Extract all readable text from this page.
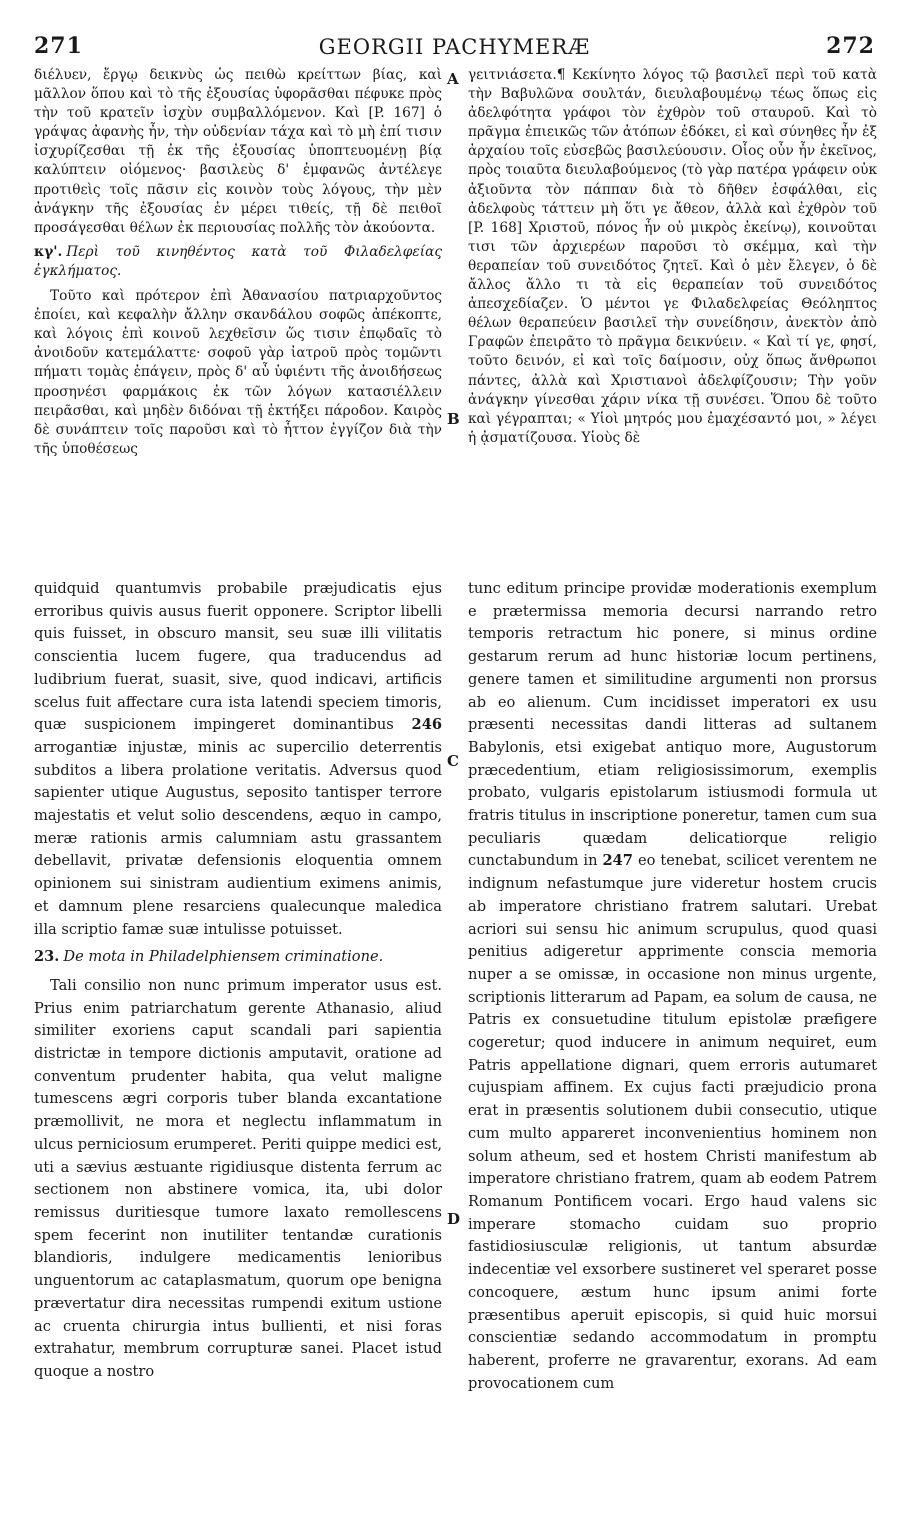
271	GEORGII PACHYMERÆ	272
A
B
C
D

διέλυεν, ἔργῳ δεικνὺς ὡς πειθὼ κρείττων βίας, καὶ μᾶλλον ὅπου καὶ τὸ τῆς ἐξουσίας ὑφορᾶσθαι πέφυκε πρὸς τὴν τοῦ κρατεῖν ἰσχὺν συμβαλλόμενον. Καὶ [P. 167] ὁ γράψας ἀφανὴς ἦν, τὴν οὐδενίαν τάχα καὶ τὸ μὴ ἐπί τισιν ἰσχυρίζεσθαι τῇ ἐκ τῆς ἐξουσίας ὑποπτευομένῃ βίᾳ καλύπτειν οἰόμενος· βασιλεὺς δ' ἐμφανῶς ἀντέλεγε προτιθεὶς τοῖς πᾶσιν εἰς κοινὸν τοὺς λόγους, τὴν μὲν ἀνάγκην τῆς ἐξουσίας ἐν μέρει τιθείς, τῇ δὲ πειθοῖ προσάγεσθαι θέλων ἐκ περιουσίας πολλῆς τὸν ἀκούοντα.

κγ'. Περὶ τοῦ κινηθέντος κατὰ τοῦ Φιλαδελφείας ἐγκλήματος.

Τοῦτο καὶ πρότερον ἐπὶ Ἀθανασίου πατριαρχοῦντος ἐποίει, καὶ κεφαλὴν ἄλλην σκανδάλου σοφῶς ἀπέκοπτε, καὶ λόγοις ἐπὶ κοινοῦ λεχθεῖσιν ὥς τισιν ἐπῳδαῖς τὸ ἀνοιδοῦν κατεμάλαττε· σοφοῦ γὰρ ἰατροῦ πρὸς τομῶντι πήματι τομὰς ἐπάγειν, πρὸς δ' αὖ ὑφιέντι τῆς ἀνοιδήσεως προσηνέσι φαρμάκοις ἐκ τῶν λόγων κατασιέλλειν πειρᾶσθαι, καὶ μηδὲν διδόναι τῇ ἐκτήξει πάροδον. Καιρὸς δὲ συνάπτειν τοῖς παροῦσι καὶ τὸ ἧττον ἐγγίζον διὰ τὴν τῆς ὑποθέσεως

γειτνιάσετα.¶ Κεκίνητο λόγος τῷ βασιλεῖ περὶ τοῦ κατὰ τὴν Βαβυλῶνα σουλτάν, διευλαβουμένῳ τέως ὅπως εἰς ἀδελφότητα γράφοι τὸν ἐχθρὸν τοῦ σταυροῦ. Καὶ τὸ πρᾶγμα ἐπιεικῶς τῶν ἀτόπων ἐδόκει, εἰ καὶ σύνηθες ἦν ἐξ ἀρχαίου τοῖς εὐσεβῶς βασιλεύουσιν. Οἷος οὖν ἦν ἐκεῖνος, πρὸς τοιαῦτα διευλαβούμενος (τὸ γὰρ πατέρα γράφειν οὐκ ἀξιοῦντα τὸν πάππαν διὰ τὸ δῆθεν ἐσφάλθαι, εἰς ἀδελφοὺς τάττειν μὴ ὅτι γε ἄθεον, ἀλλὰ καὶ ἐχθρὸν τοῦ [P. 168] Χριστοῦ, πόνος ἦν οὐ μικρὸς ἐκείνῳ), κοινοῦται τισι τῶν ἀρχιερέων παροῦσι τὸ σκέμμα, καὶ τὴν θεραπείαν τοῦ συνειδότος ζητεῖ. Καὶ ὁ μὲν ἔλεγεν, ὁ δὲ ἄλλος ἄλλο τι τὰ εἰς θεραπείαν τοῦ συνειδότος ἀπεσχεδίαζεν. Ὁ μέντοι γε Φιλαδελφείας Θεόληπτος θέλων θεραπεύειν βασιλεῖ τὴν συνείδησιν, ἀνεκτὸν ἀπὸ Γραφῶν ἐπειρᾶτο τὸ πρᾶγμα δεικνύειν. « Καὶ τί γε, φησί, τοῦτο δεινόν, εἰ καὶ τοῖς δαίμοσιν, οὐχ ὅπως ἄνθρωποι πάντες, ἀλλὰ καὶ Χριστιανοὶ ἀδελφίζουσιν; Τὴν γοῦν ἀνάγκην γίνεσθαι χάριν νίκα τῇ συνέσει. Ὅπου δὲ τοῦτο καὶ γέγραπται; « Υἱοὶ μητρός μου ἐμαχέσαντό μοι, » λέγει ἡ ᾀσματίζουσα. Υἱοὺς δὲ

quidquid quantumvis probabile præjudicatis ejus erroribus quivis ausus fuerit opponere. Scriptor libelli quis fuisset, in obscuro mansit, seu suæ illi vilitatis conscientia lucem fugere, qua traducendus ad ludibrium fuerat, suasit, sive, quod indicavi, artificis scelus fuit affectare cura ista latendi speciem timoris, quæ suspicionem impingeret dominantibus 246 arrogantiæ injustæ, minis ac supercilio deterrentis subditos a libera prolatione veritatis. Adversus quod sapienter utique Augustus, seposito tantisper terrore majestatis et velut solio descendens, æquo in campo, meræ rationis armis calumniam astu grassantem debellavit, privatæ defensionis eloquentia omnem opinionem sui sinistram audientium eximens animis, et damnum plene resarciens qualecunque maledica illa scriptio famæ suæ intulisse potuisset.

23. De mota in Philadelphiensem criminatione.

Tali consilio non nunc primum imperator usus est. Prius enim patriarchatum gerente Athanasio, aliud similiter exoriens caput scandali pari sapientia districtæ in tempore dictionis amputavit, oratione ad conventum prudenter habita, qua velut maligne tumescens ægri corporis tuber blanda excantatione præmollivit, ne mora et neglectu inflammatum in ulcus perniciosum erumperet. Periti quippe medici est, uti a sævius æstuante rigidiusque distenta ferrum ac sectionem non abstinere vomica, ita, ubi dolor remissus duritiesque tumore laxato remollescens spem fecerint non inutiliter tentandæ curationis blandioris, indulgere medicamentis lenioribus unguentorum ac cataplasmatum, quorum ope benigna prævertatur dira necessitas rumpendi exitum ustione ac cruenta chirurgia intus bullienti, et nisi foras extrahatur, membrum corrupturæ sanei. Placet istud quoque a nostro

tunc editum principe providæ moderationis exemplum e prætermissa memoria decursi narrando retro temporis retractum hic ponere, si minus ordine gestarum rerum ad hunc historiæ locum pertinens, genere tamen et similitudine argumenti non prorsus ab eo alienum. Cum incidisset imperatori ex usu præsenti necessitas dandi litteras ad sultanem Babylonis, etsi exigebat antiquo more, Augustorum præcedentium, etiam religiosissimorum, exemplis probato, vulgaris epistolarum istiusmodi formula ut fratris titulus in inscriptione poneretur, tamen cum sua peculiaris quædam delicatiorque religio cunctabundum in 247 eo tenebat, scilicet verentem ne indignum nefastumque jure videretur hostem crucis ab imperatore christiano fratrem salutari. Urebat acriori sui sensu hic animum scrupulus, quod quasi penitius adigeretur apprimente conscia memoria nuper a se omissæ, in occasione non minus urgente, scriptionis litterarum ad Papam, ea solum de causa, ne Patris ex consuetudine titulum epistolæ præfigere cogeretur; quod inducere in animum nequiret, eum Patris appellatione dignari, quem erroris autumaret cujuspiam affinem. Ex cujus facti præjudicio prona erat in præsentis solutionem dubii consecutio, utique cum multo appareret inconvenientius hominem non solum atheum, sed et hostem Christi manifestum ab imperatore christiano fratrem, quam ab eodem Patrem Romanum Pontificem vocari. Ergo haud valens sic imperare stomacho cuidam suo proprio fastidiosiusculæ religionis, ut tantum absurdæ indecentiæ vel exsorbere sustineret vel speraret posse concoquere, æstum hunc ipsum animi forte præsentibus aperuit episcopis, si quid huic morsui conscientiæ sedando accommodatum in promptu haberent, proferre ne gravarentur, exorans. Ad eam provocationem cum
